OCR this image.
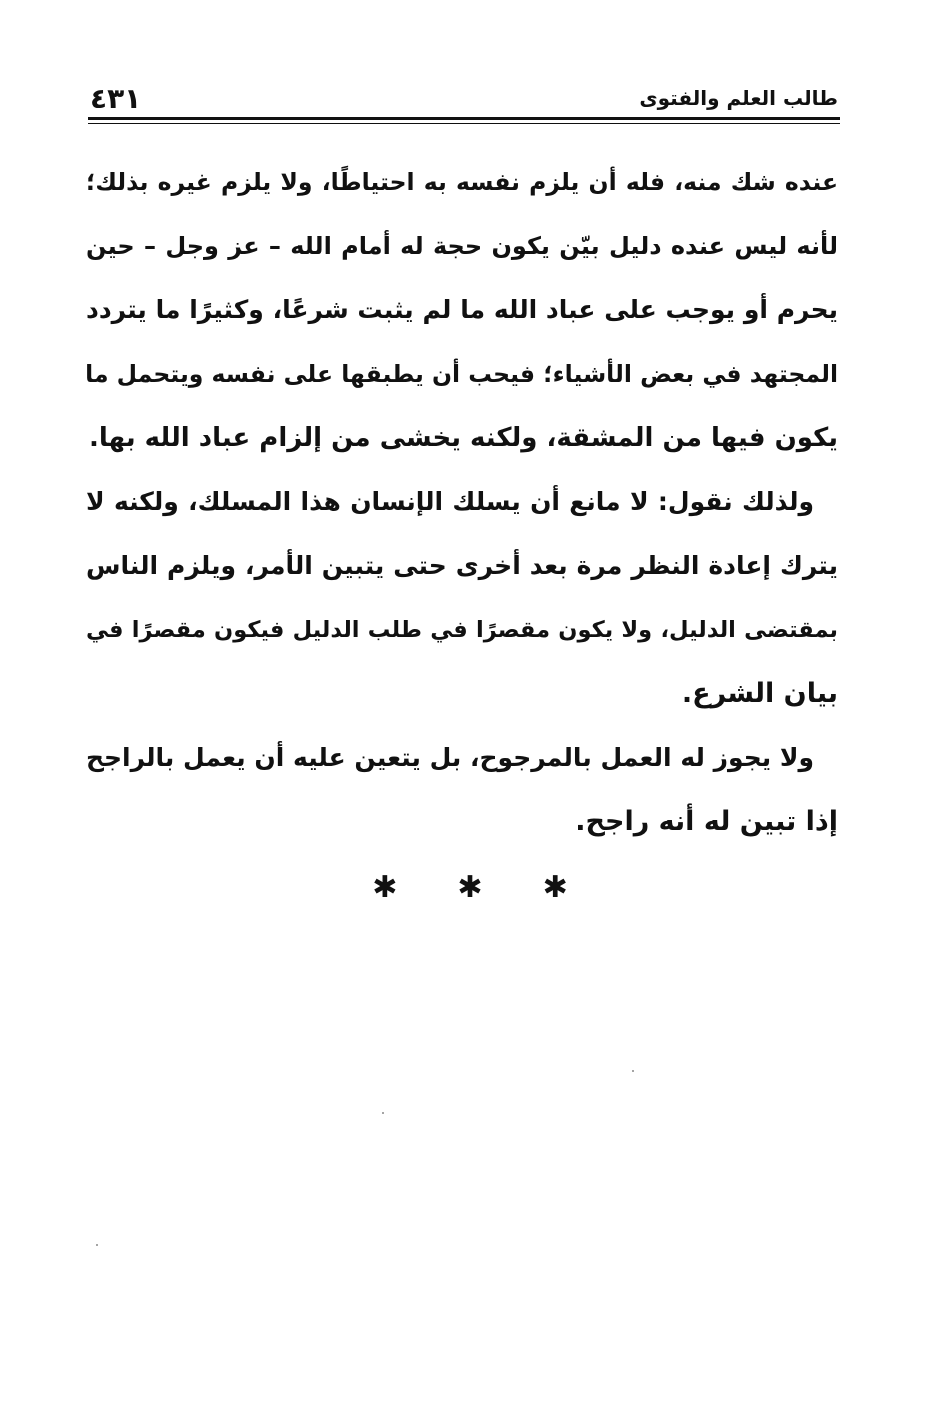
٤٣١	طالب العلم والفتوى
عنده شك منه، فله أن يلزم نفسه به احتياطًا، ولا يلزم غيره بذلك؛
لأنه ليس عنده دليل بيّن يكون حجة له أمام الله – عز وجل – حين
يحرم أو يوجب على عباد الله ما لم يثبت شرعًا، وكثيرًا ما يتردد
المجتهد في بعض الأشياء؛ فيحب أن يطبقها على نفسه ويتحمل ما
يكون فيها من المشقة، ولكنه يخشى من إلزام عباد الله بها.
ولذلك نقول: لا مانع أن يسلك الإنسان هذا المسلك، ولكنه لا
يترك إعادة النظر مرة بعد أخرى حتى يتبين الأمر، ويلزم الناس
بمقتضى الدليل، ولا يكون مقصرًا في طلب الدليل فيكون مقصرًا في
بيان الشرع.
ولا يجوز له العمل بالمرجوح، بل يتعين عليه أن يعمل بالراجح
إذا تبين له أنه راجح.
✱ ✱ ✱
